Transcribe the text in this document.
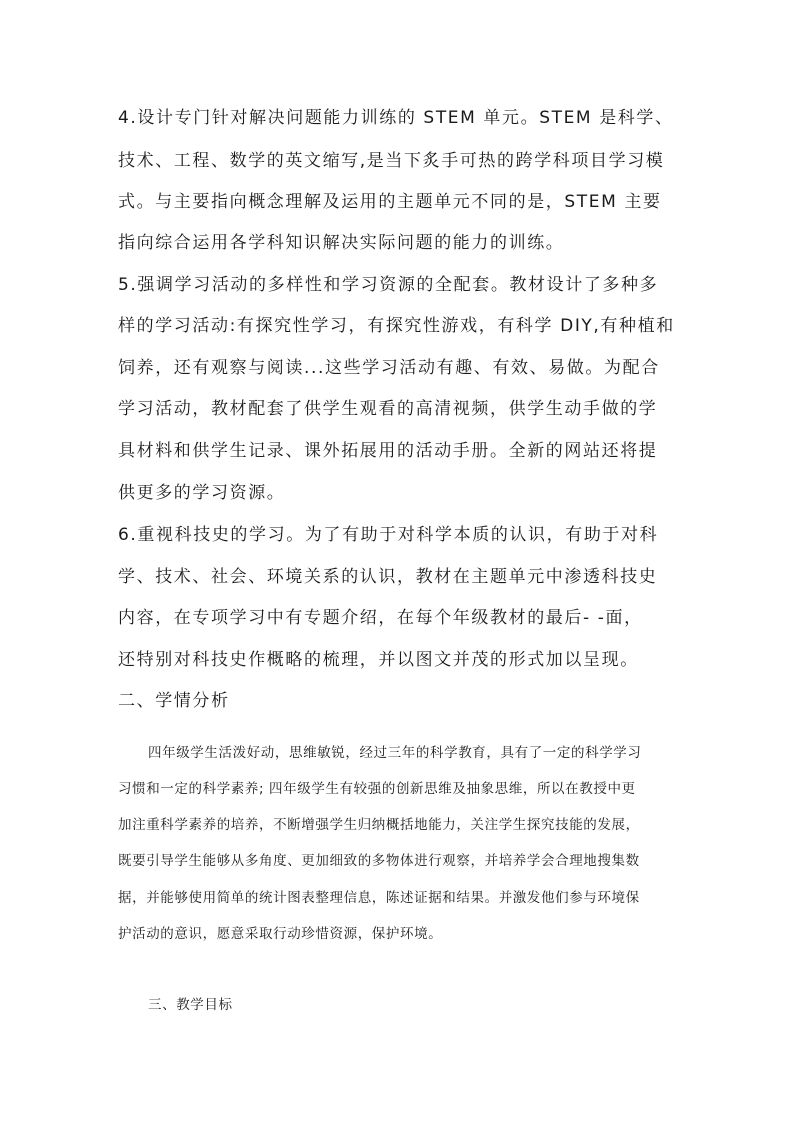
4.设计专门针对解决问题能力训练的 STEM 单元。STEM 是科学、
技术、工程、数学的英文缩写,是当下炙手可热的跨学科项目学习模
式。与主要指向概念理解及运用的主题单元不同的是，STEM 主要
指向综合运用各学科知识解决实际问题的能力的训练。
5.强调学习活动的多样性和学习资源的全配套。教材设计了多种多
样的学习活动:有探究性学习，有探究性游戏，有科学 DIY,有种植和
饲养，还有观察与阅读...这些学习活动有趣、有效、易做。为配合
学习活动，教材配套了供学生观看的高清视频，供学生动手做的学
具材料和供学生记录、课外拓展用的活动手册。全新的网站还将提
供更多的学习资源。
6.重视科技史的学习。为了有助于对科学本质的认识，有助于对科
学、技术、社会、环境关系的认识，教材在主题单元中渗透科技史
内容，在专项学习中有专题介绍，在每个年级教材的最后- -面，
还特别对科技史作概略的梳理，并以图文并茂的形式加以呈现。
二、学情分析
四年级学生活泼好动，思维敏锐，经过三年的科学教育，具有了一定的科学学习
习惯和一定的科学素养; 四年级学生有较强的创新思维及抽象思维，所以在教授中更
加注重科学素养的培养，不断增强学生归纳概括地能力，关注学生探究技能的发展，
既要引导学生能够从多角度、更加细致的多物体进行观察，并培养学会合理地搜集数
据，并能够使用简单的统计图表整理信息，陈述证据和结果。并激发他们参与环境保
护活动的意识，愿意采取行动珍惜资源，保护环境。
三、教学目标
